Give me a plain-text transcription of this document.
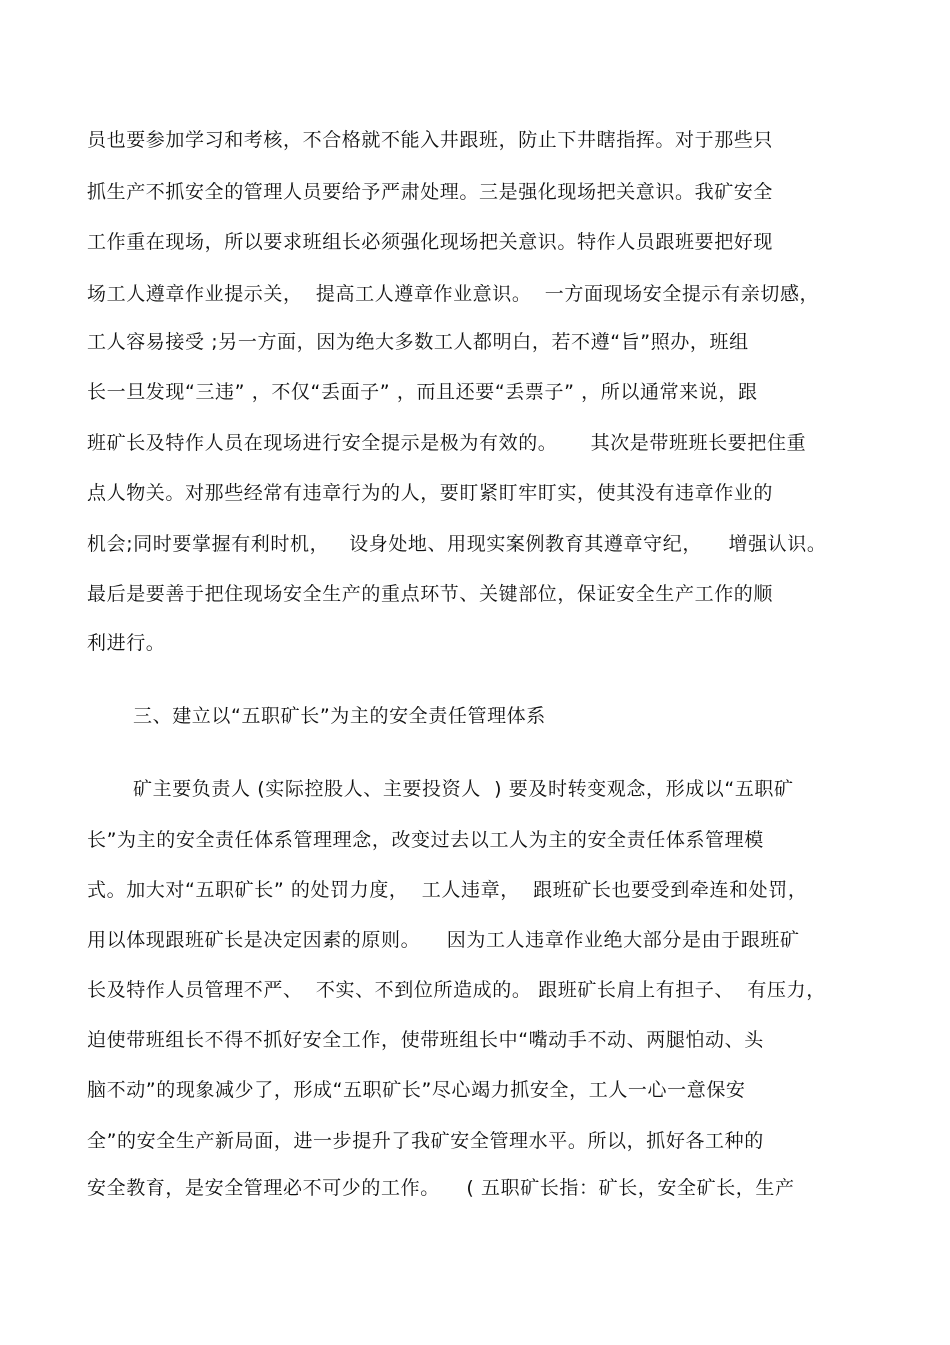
员也要参加学习和考核，不合格就不能入井跟班，防止下井瞎指挥。对于那些只
抓生产不抓安全的管理人员要给予严肃处理。三是强化现场把关意识。我矿安全
工作重在现场，所以要求班组长必须强化现场把关意识。特作人员跟班要把好现
场工人遵章作业提示关，  提高工人遵章作业意识。  一方面现场安全提示有亲切感，
工人容易接受 ;另一方面，因为绝大多数工人都明白，若不遵“旨”照办，班组
长一旦发现“三违” ，不仅“丢面子” ，而且还要“丢票子” ，所以通常来说，跟
班矿长及特作人员在现场进行安全提示是极为有效的。     其次是带班班长要把住重
点人物关。对那些经常有违章行为的人，要盯紧盯牢盯实，使其没有违章作业的
机会;同时要掌握有利时机，   设身处地、用现实案例教育其遵章守纪，    增强认识。
最后是要善于把住现场安全生产的重点环节、关键部位，保证安全生产工作的顺
利进行。
三、建立以“五职矿长”为主的安全责任管理体系
矿主要负责人 (实际控股人、主要投资人  ) 要及时转变观念，形成以“五职矿
长”为主的安全责任体系管理理念，改变过去以工人为主的安全责任体系管理模
式。加大对“五职矿长” 的处罚力度，  工人违章，  跟班矿长也要受到牵连和处罚，
用以体现跟班矿长是决定因素的原则。    因为工人违章作业绝大部分是由于跟班矿
长及特作人员管理不严、  不实、不到位所造成的。 跟班矿长肩上有担子、  有压力，
迫使带班组长不得不抓好安全工作，使带班组长中“嘴动手不动、两腿怕动、头
脑不动”的现象减少了，形成“五职矿长”尽心竭力抓安全，工人一心一意保安
全”的安全生产新局面，进一步提升了我矿安全管理水平。所以，抓好各工种的
安全教育，是安全管理必不可少的工作。    ( 五职矿长指：矿长，安全矿长，生产
